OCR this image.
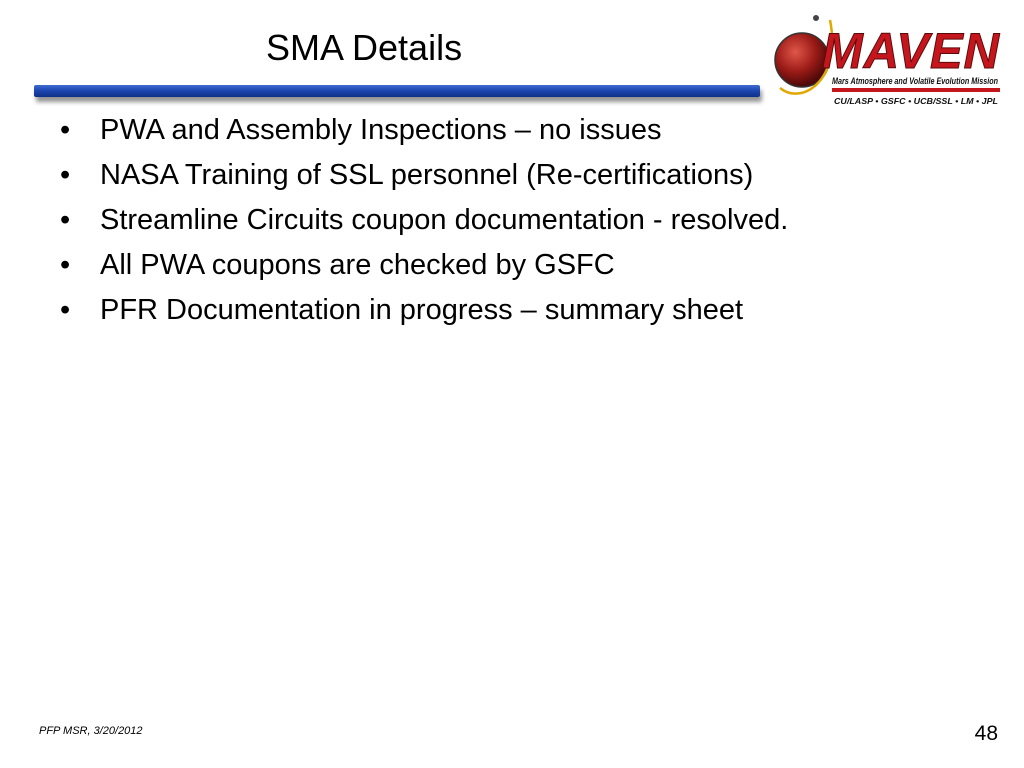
SMA Details	MAVEN
Mars Atmosphere and Volatile Evolution Mission
CU/LASP • GSFC • UCB/SSL • LM • JPL
• PWA and Assembly Inspections – no issues
• NASA Training of SSL personnel (Re-certifications)
• Streamline Circuits coupon documentation - resolved.
• All PWA coupons are checked by GSFC
• PFR Documentation in progress – summary sheet
PFP MSR, 3/20/2012	48
